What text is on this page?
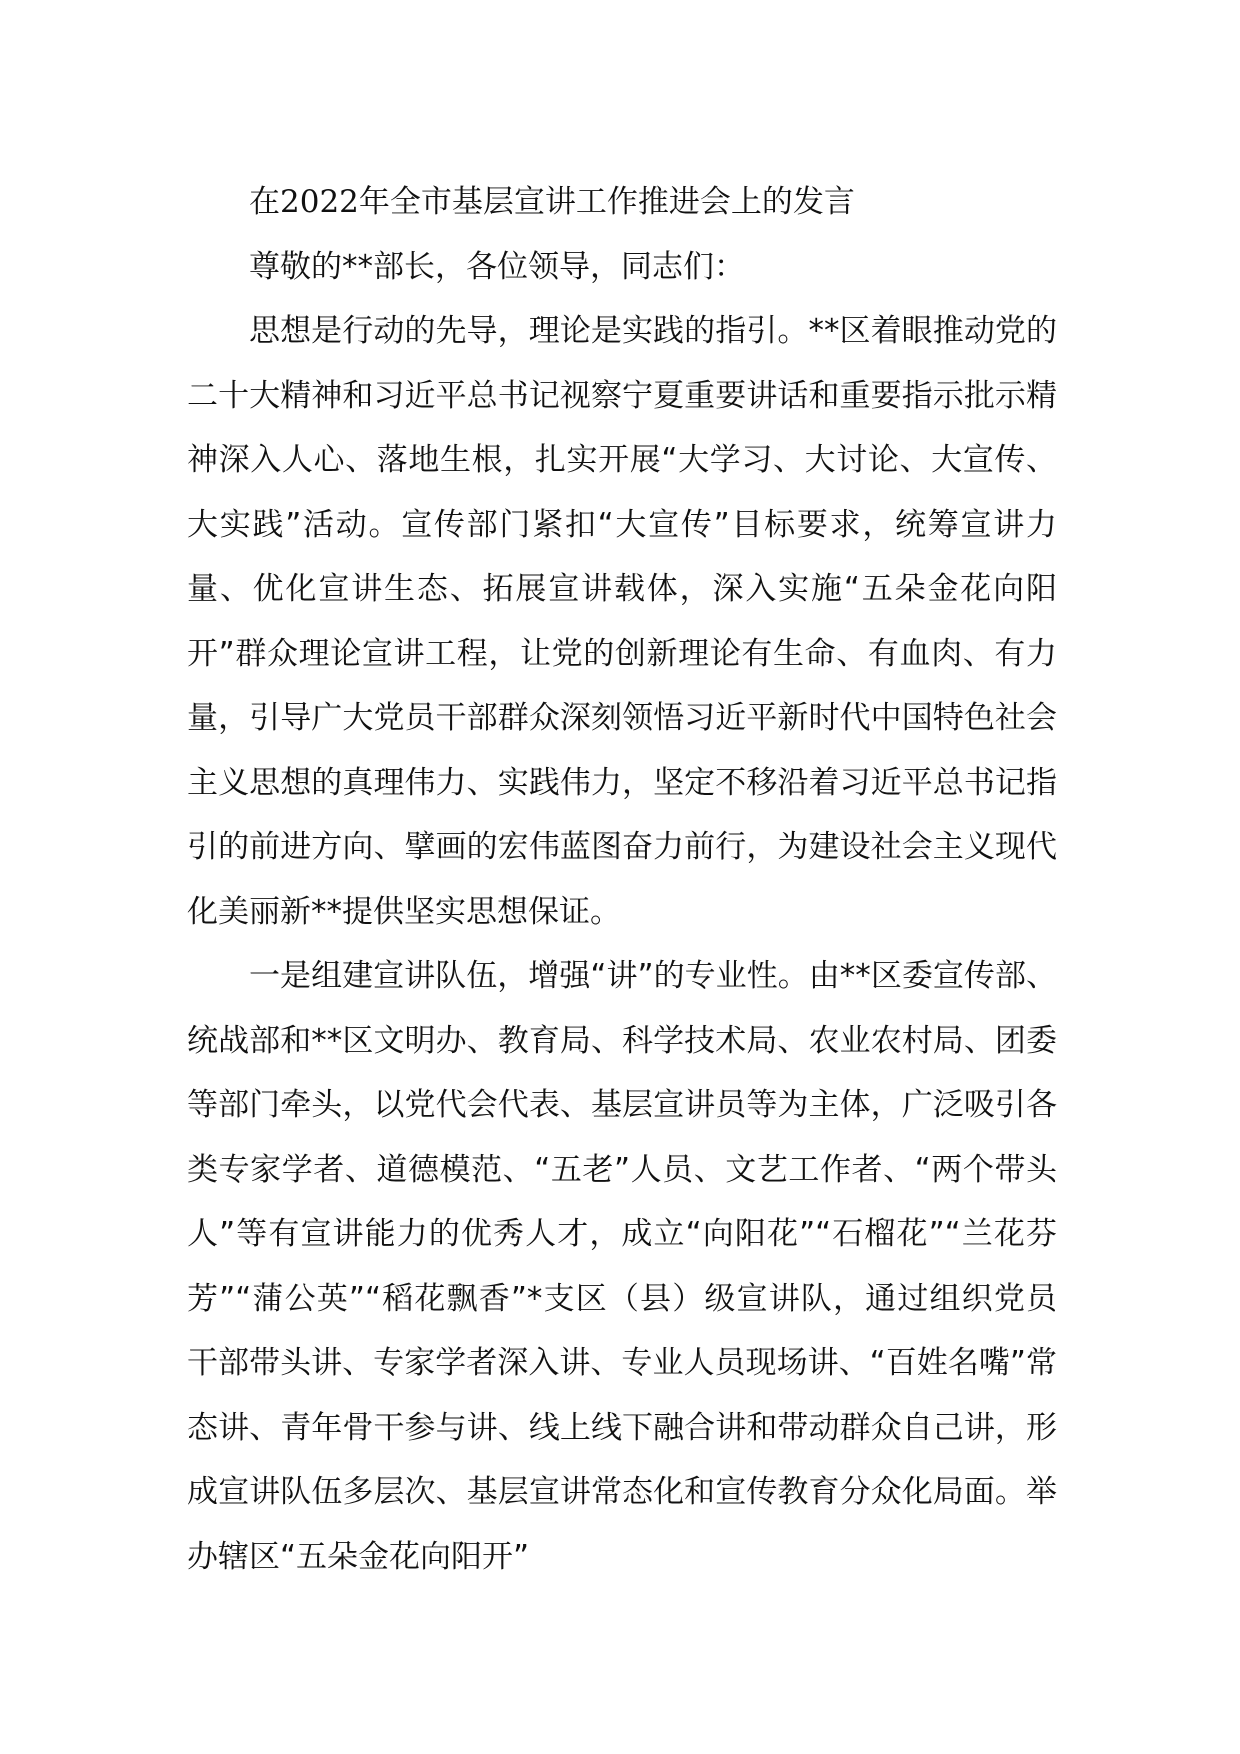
在2022年全市基层宣讲工作推进会上的发言

尊敬的**部长，各位领导，同志们：

思想是行动的先导，理论是实践的指引。**区着眼推动党的二十大精神和习近平总书记视察宁夏重要讲话和重要指示批示精神深入人心、落地生根，扎实开展“大学习、大讨论、大宣传、大实践”活动。宣传部门紧扣“大宣传”目标要求，统筹宣讲力量、优化宣讲生态、拓展宣讲载体，深入实施“五朵金花向阳开”群众理论宣讲工程，让党的创新理论有生命、有血肉、有力量，引导广大党员干部群众深刻领悟习近平新时代中国特色社会主义思想的真理伟力、实践伟力，坚定不移沿着习近平总书记指引的前进方向、擘画的宏伟蓝图奋力前行，为建设社会主义现代化美丽新**提供坚实思想保证。

一是组建宣讲队伍，增强“讲”的专业性。由**区委宣传部、统战部和**区文明办、教育局、科学技术局、农业农村局、团委等部门牵头，以党代会代表、基层宣讲员等为主体，广泛吸引各类专家学者、道德模范、“五老”人员、文艺工作者、“两个带头人”等有宣讲能力的优秀人才，成立“向阳花”“石榴花”“兰花芬芳”“蒲公英”“稻花飘香”*支区（县）级宣讲队，通过组织党员干部带头讲、专家学者深入讲、专业人员现场讲、“百姓名嘴”常态讲、青年骨干参与讲、线上线下融合讲和带动群众自己讲，形成宣讲队伍多层次、基层宣讲常态化和宣传教育分众化局面。举办辖区“五朵金花向阳开”
